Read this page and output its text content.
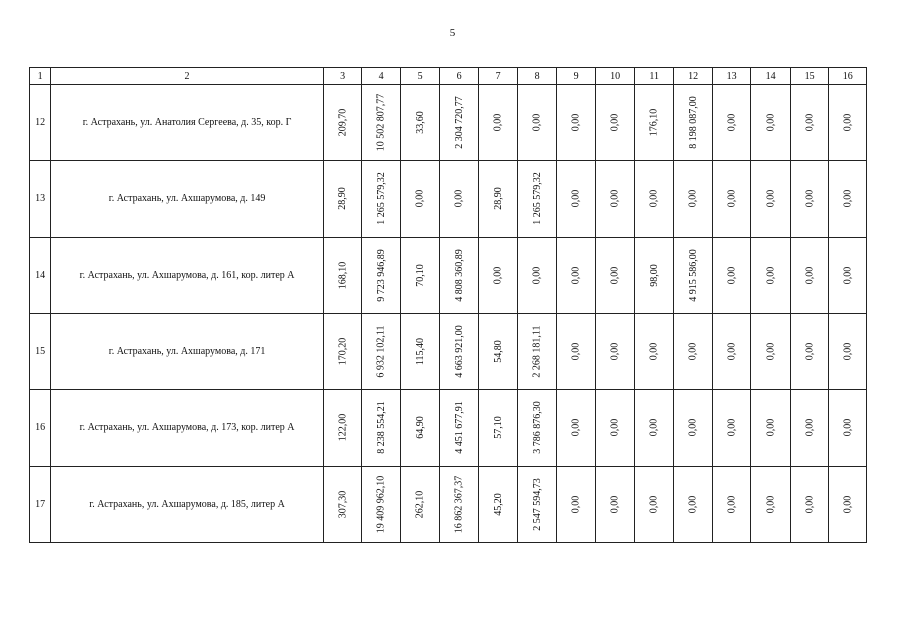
5
1	2	3	4	5	6	7	8	9	10	11	12	13	14	15	16
12	г. Астрахань, ул. Анатолия Сергеева, д. 35, кор. Г	209,70	10 502 807,77	33,60	2 304 720,77	0,00	0,00	0,00	0,00	176,10	8 198 087,00	0,00	0,00	0,00	0,00

13	г. Астрахань, ул. Ахшарумова, д. 149	28,90	1 265 579,32	0,00	0,00	28,90	1 265 579,32	0,00	0,00	0,00	0,00	0,00	0,00	0,00	0,00

14	г. Астрахань, ул. Ахшарумова, д. 161, кор. литер А	168,10	9 723 946,89	70,10	4 808 360,89	0,00	0,00	0,00	0,00	98,00	4 915 586,00	0,00	0,00	0,00	0,00

15	г. Астрахань, ул. Ахшарумова, д. 171	170,20	6 932 102,11	115,40	4 663 921,00	54,80	2 268 181,11	0,00	0,00	0,00	0,00	0,00	0,00	0,00	0,00

16	г. Астрахань, ул. Ахшарумова, д. 173, кор. литер А	122,00	8 238 554,21	64,90	4 451 677,91	57,10	3 786 876,30	0,00	0,00	0,00	0,00	0,00	0,00	0,00	0,00

17	г. Астрахань, ул. Ахшарумова, д. 185, литер А	307,30	19 409 962,10	262,10	16 862 367,37	45,20	2 547 594,73	0,00	0,00	0,00	0,00	0,00	0,00	0,00	0,00
